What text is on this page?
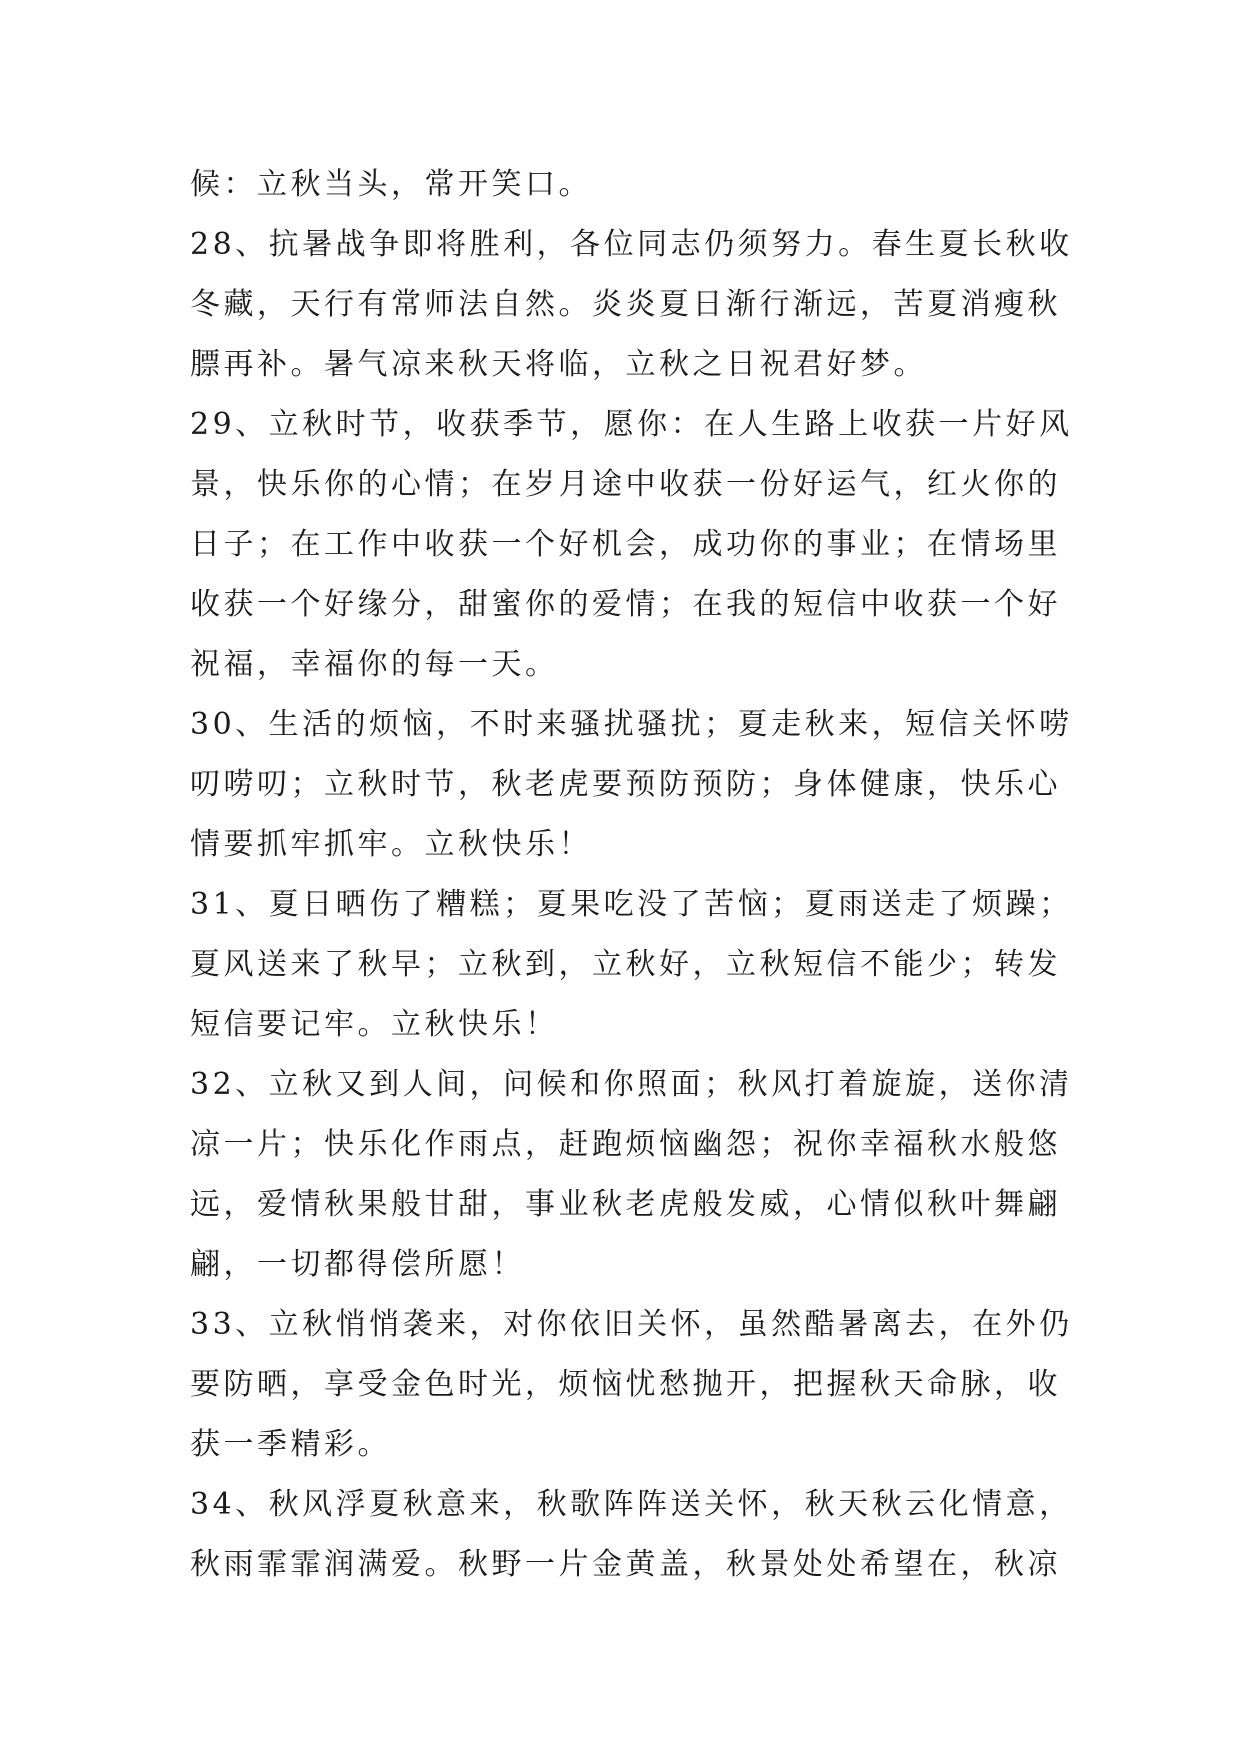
候：立秋当头，常开笑口。
28、抗暑战争即将胜利，各位同志仍须努力。春生夏长秋收
冬藏，天行有常师法自然。炎炎夏日渐行渐远，苦夏消瘦秋
膘再补。暑气凉来秋天将临，立秋之日祝君好梦。
29、立秋时节，收获季节，愿你：在人生路上收获一片好风
景，快乐你的心情；在岁月途中收获一份好运气，红火你的
日子；在工作中收获一个好机会，成功你的事业；在情场里
收获一个好缘分，甜蜜你的爱情；在我的短信中收获一个好
祝福，幸福你的每一天。
30、生活的烦恼，不时来骚扰骚扰；夏走秋来，短信关怀唠
叨唠叨；立秋时节，秋老虎要预防预防；身体健康，快乐心
情要抓牢抓牢。立秋快乐！
31、夏日晒伤了糟糕；夏果吃没了苦恼；夏雨送走了烦躁；
夏风送来了秋早；立秋到，立秋好，立秋短信不能少；转发
短信要记牢。立秋快乐！
32、立秋又到人间，问候和你照面；秋风打着旋旋，送你清
凉一片；快乐化作雨点，赶跑烦恼幽怨；祝你幸福秋水般悠
远，爱情秋果般甘甜，事业秋老虎般发威，心情似秋叶舞翩
翩，一切都得偿所愿！
33、立秋悄悄袭来，对你依旧关怀，虽然酷暑离去，在外仍
要防晒，享受金色时光，烦恼忧愁抛开，把握秋天命脉，收
获一季精彩。
34、秋风浮夏秋意来，秋歌阵阵送关怀，秋天秋云化情意，
秋雨霏霏润满爱。秋野一片金黄盖，秋景处处希望在，秋凉
